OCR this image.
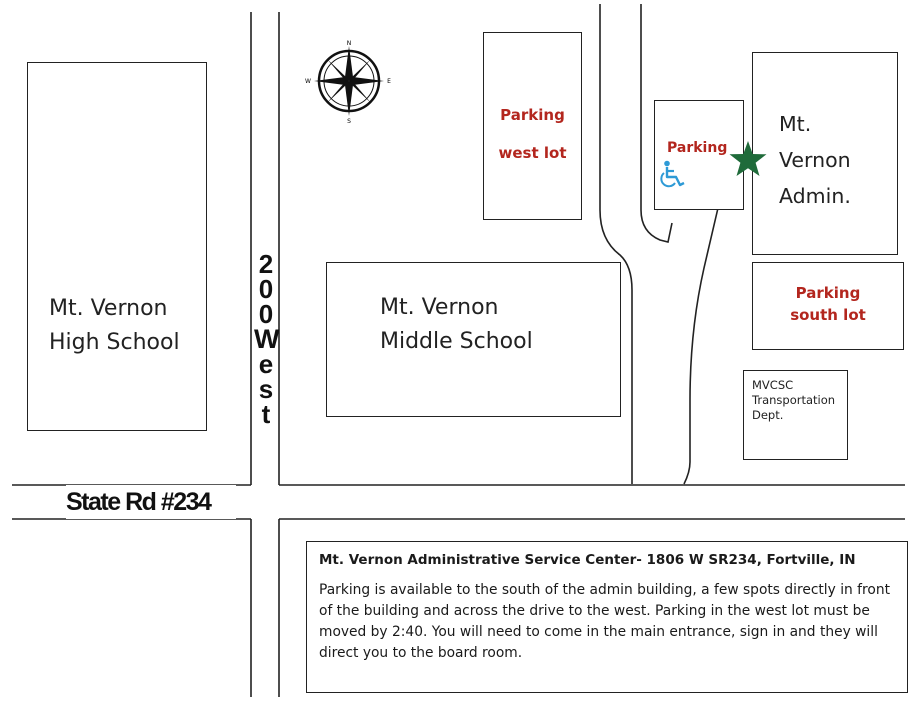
N
S
E
W
Mt. Vernon
High School
Mt. Vernon
Middle School
Parking
west lot	Parking
Mt.
Vernon
Admin.
Parking
south lot
MVCSC
Transportation
Dept.
2
0
0
W
e
s
t
State Rd #234

Mt. Vernon Administrative Service Center- 1806 W SR234, Fortville, IN

Parking is available to the south of the admin building, a few spots directly in front of the building and across the drive to the west. Parking in the west lot must be moved by 2:40. You will need to come in the main entrance, sign in and they will direct you to the board room.
